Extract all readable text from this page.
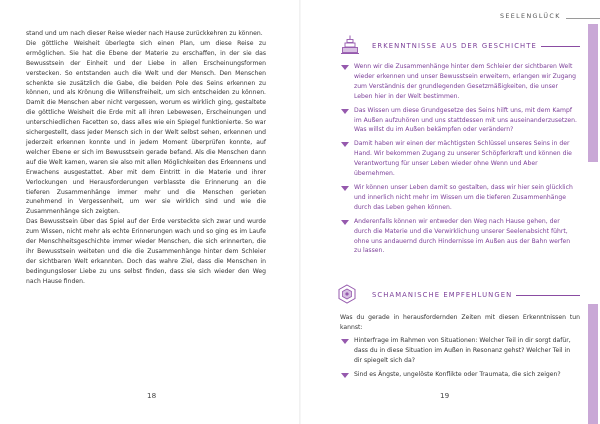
stand und um nach dieser Reise wieder nach Hause zurückkehren zu können.

Die göttliche Weisheit überlegte sich einen Plan, um diese Reise zu ermöglichen. Sie hat die Ebene der Materie zu erschaffen, in der sie das Bewusstsein der Einheit und der Liebe in allen Erscheinungsformen verstecken. So entstanden auch die Welt und der Mensch. Den Menschen schenkte sie zusätzlich die Gabe, die beiden Pole des Seins erkennen zu können, und als Krönung die Willensfreiheit, um sich entscheiden zu können. Damit die Menschen aber nicht vergessen, worum es wirklich ging, gestaltete die göttliche Weisheit die Erde mit all ihren Lebewesen, Erscheinungen und unterschiedlichen Facetten so, dass alles wie ein Spiegel funktionierte. So war sichergestellt, dass jeder Mensch sich in der Welt selbst sehen, erkennen und jederzeit erkennen konnte und in jedem Moment überprüfen konnte, auf welcher Ebene er sich im Bewusstsein gerade befand. Als die Menschen dann auf die Welt kamen, waren sie also mit allen Möglichkeiten des Erkennens und Erwachens ausgestattet. Aber mit dem Eintritt in die Materie und ihrer Verlockungen und Herausforderungen verblasste die Erinnerung an die tieferen Zusammenhänge immer mehr und die Menschen gerieten zunehmend in Vergessenheit, um wer sie wirklich sind und wie die Zusammenhänge sich zeigten.

Das Bewusstsein über das Spiel auf der Erde versteckte sich zwar und wurde zum Wissen, nicht mehr als echte Erinnerungen wach und so ging es im Laufe der Menschheitsgeschichte immer wieder Menschen, die sich erinnerten, die ihr Bewusstsein weiteten und die die Zusammenhänge hinter dem Schleier der sichtbaren Welt erkannten. Doch das wahre Ziel, dass die Menschen in bedingungsloser Liebe zu uns selbst finden, dass sie sich wieder den Weg nach Hause finden.

18
SEELENGLÜCK
ERKENNTNISSE AUS DER GESCHICHTE
Wenn wir die Zusammenhänge hinter dem Schleier der sichtbaren Welt wieder erkennen und unser Bewusstsein erweitern, erlangen wir Zugang zum Verständnis der grundlegenden Gesetzmäßigkeiten, die unser Leben hier in der Welt bestimmen.
Das Wissen um diese Grundgesetze des Seins hilft uns, mit dem Kampf im Außen aufzuhören und uns stattdessen mit uns auseinanderzusetzen. Was willst du im Außen bekämpfen oder verändern?
Damit haben wir einen der mächtigsten Schlüssel unseres Seins in der Hand. Wir bekommen Zugang zu unserer Schöpferkraft und können die Verantwortung für unser Leben wieder ohne Wenn und Aber übernehmen.
Wir können unser Leben damit so gestalten, dass wir hier sein glücklich und innerlich nicht mehr im Wissen um die tieferen Zusammenhänge durch das Leben gehen können.
Anderenfalls können wir entweder den Weg nach Hause gehen, der durch die Materie und die Verwirklichung unserer Seelenabsicht führt, ohne uns andauernd durch Hindernisse im Außen aus der Bahn werfen zu lassen.
SCHAMANISCHE EMPFEHLUNGEN
Was du gerade in herausfordernden Zeiten mit diesen Erkenntnissen tun kannst:
Hinterfrage im Rahmen von Situationen: Welcher Teil in dir sorgt dafür, dass du in diese Situation im Außen in Resonanz gehst? Welcher Teil in dir spiegelt sich da?
Sind es Ängste, ungelöste Konflikte oder Traumata, die sich zeigen?
19
